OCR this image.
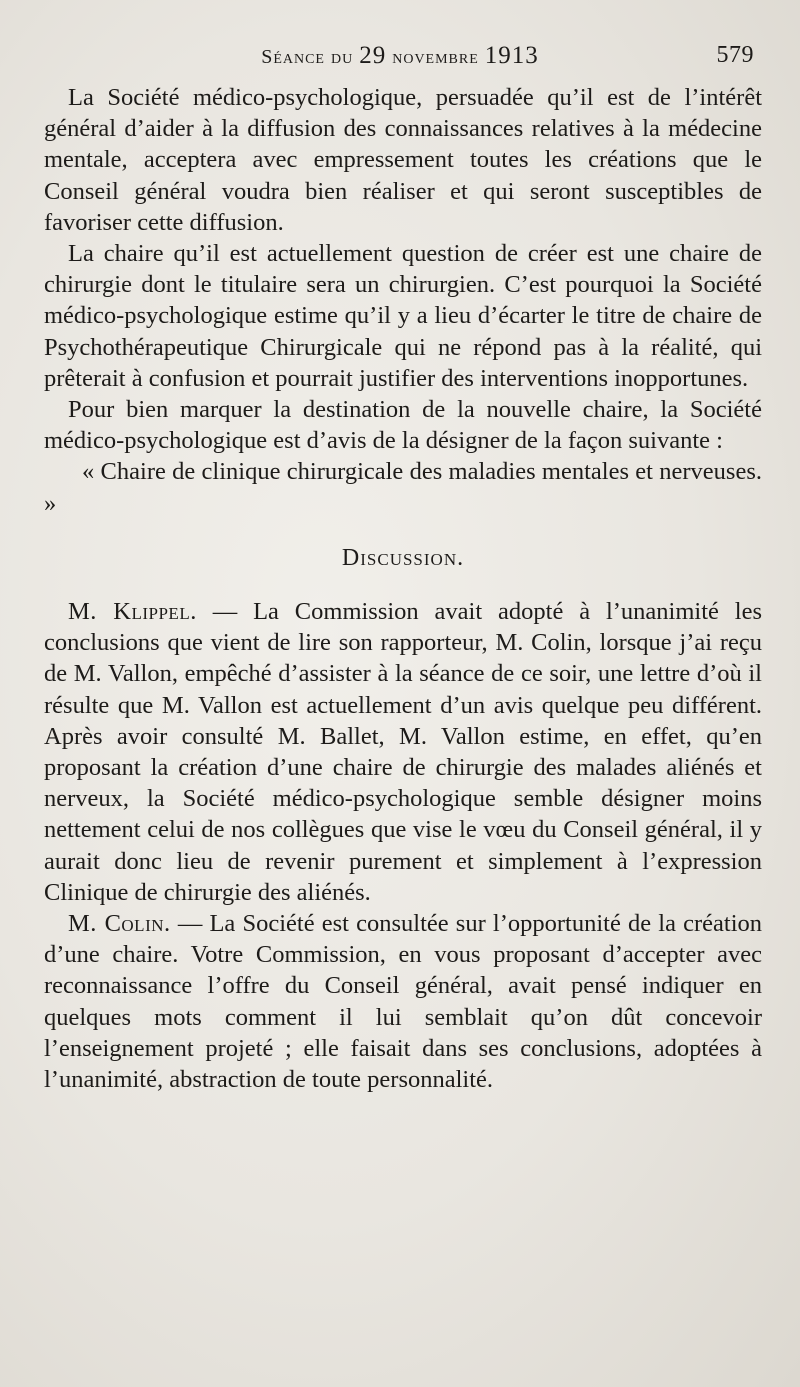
Séance du 29 novembre 1913	579

La Société médico-psychologique, persuadée qu’il est de l’intérêt général d’aider à la diffusion des connaissances relatives à la médecine mentale, acceptera avec empressement toutes les créations que le Conseil général voudra bien réaliser et qui seront susceptibles de favoriser cette diffusion.

La chaire qu’il est actuellement question de créer est une chaire de chirurgie dont le titulaire sera un chirurgien. C’est pourquoi la Société médico-psychologique estime qu’il y a lieu d’écarter le titre de chaire de Psychothérapeutique Chirurgicale qui ne répond pas à la réalité, qui prêterait à confusion et pourrait justifier des interventions inopportunes.

Pour bien marquer la destination de la nouvelle chaire, la Société médico-psychologique est d’avis de la désigner de la façon suivante :

« Chaire de clinique chirurgicale des maladies mentales et nerveuses. »

Discussion.

M. Klippel. — La Commission avait adopté à l’unanimité les conclusions que vient de lire son rapporteur, M. Colin, lorsque j’ai reçu de M. Vallon, empêché d’assister à la séance de ce soir, une lettre d’où il résulte que M. Vallon est actuellement d’un avis quelque peu différent. Après avoir consulté M. Ballet, M. Vallon estime, en effet, qu’en proposant la création d’une chaire de chirurgie des malades aliénés et nerveux, la Société médico-psychologique semble désigner moins nettement celui de nos collègues que vise le vœu du Conseil général, il y aurait donc lieu de revenir purement et simplement à l’expression Clinique de chirurgie des aliénés.

M. Colin. — La Société est consultée sur l’opportunité de la création d’une chaire. Votre Commission, en vous proposant d’accepter avec reconnaissance l’offre du Conseil général, avait pensé indiquer en quelques mots comment il lui semblait qu’on dût concevoir l’enseignement projeté ; elle faisait dans ses conclusions, adoptées à l’unanimité, abstraction de toute personnalité.
